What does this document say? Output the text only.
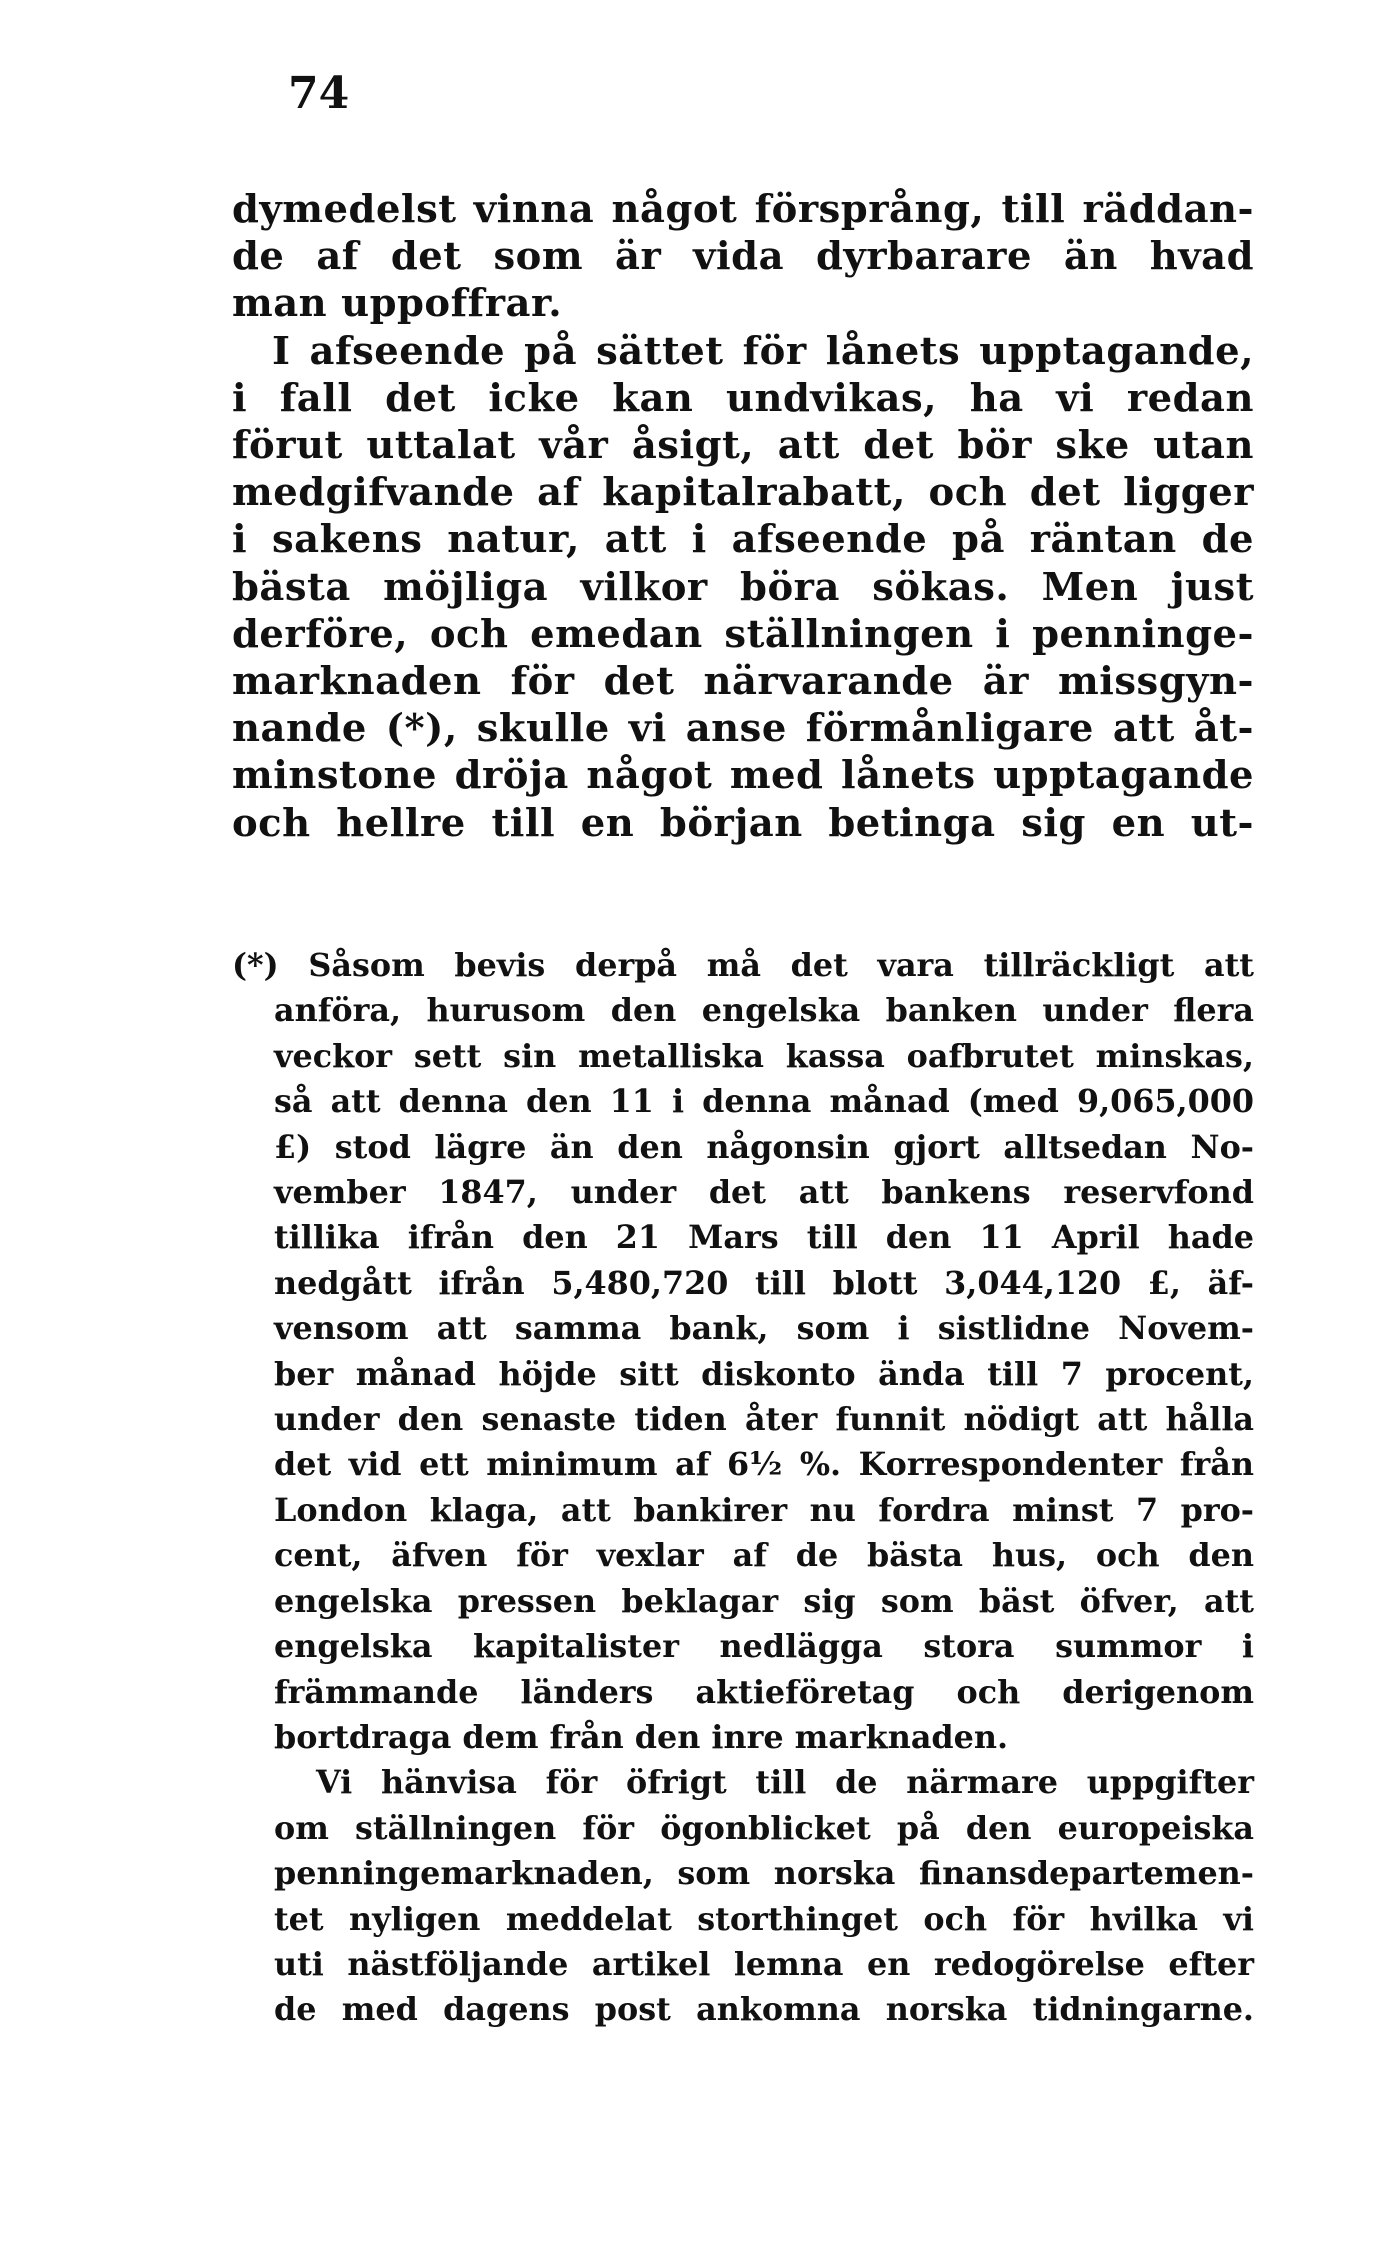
74
dymedelst vinna något försprång, till räddan-
de af det som är vida dyrbarare än hvad
man uppoffrar.
I afseende på sättet för lånets upptagande,
i fall det icke kan undvikas, ha vi redan
förut uttalat vår åsigt, att det bör ske utan
medgifvande af kapitalrabatt, och det ligger
i sakens natur, att i afseende på räntan de
bästa möjliga vilkor böra sökas. Men just
derföre, och emedan ställningen i penninge-
marknaden för det närvarande är missgyn-
nande (*), skulle vi anse förmånligare att åt-
minstone dröja något med lånets upptagande
och hellre till en början betinga sig en ut-
(*) Såsom bevis derpå må det vara tillräckligt att
anföra, hurusom den engelska banken under flera
veckor sett sin metalliska kassa oafbrutet minskas,
så att denna den 11 i denna månad (med 9,065,000
£) stod lägre än den någonsin gjort alltsedan No-
vember 1847, under det att bankens reservfond
tillika ifrån den 21 Mars till den 11 April hade
nedgått ifrån 5,480,720 till blott 3,044,120 £, äf-
vensom att samma bank, som i sistlidne Novem-
ber månad höjde sitt diskonto ända till 7 procent,
under den senaste tiden åter funnit nödigt att hålla
det vid ett minimum af 6½ %. Korrespondenter från
London klaga, att bankirer nu fordra minst 7 pro-
cent, äfven för vexlar af de bästa hus, och den
engelska pressen beklagar sig som bäst öfver, att
engelska kapitalister nedlägga stora summor i
främmande länders aktieföretag och derigenom
bortdraga dem från den inre marknaden.
Vi hänvisa för öfrigt till de närmare uppgifter
om ställningen för ögonblicket på den europeiska
penningemarknaden, som norska finansdepartemen-
tet nyligen meddelat storthinget och för hvilka vi
uti nästföljande artikel lemna en redogörelse efter
de med dagens post ankomna norska tidningarne.
